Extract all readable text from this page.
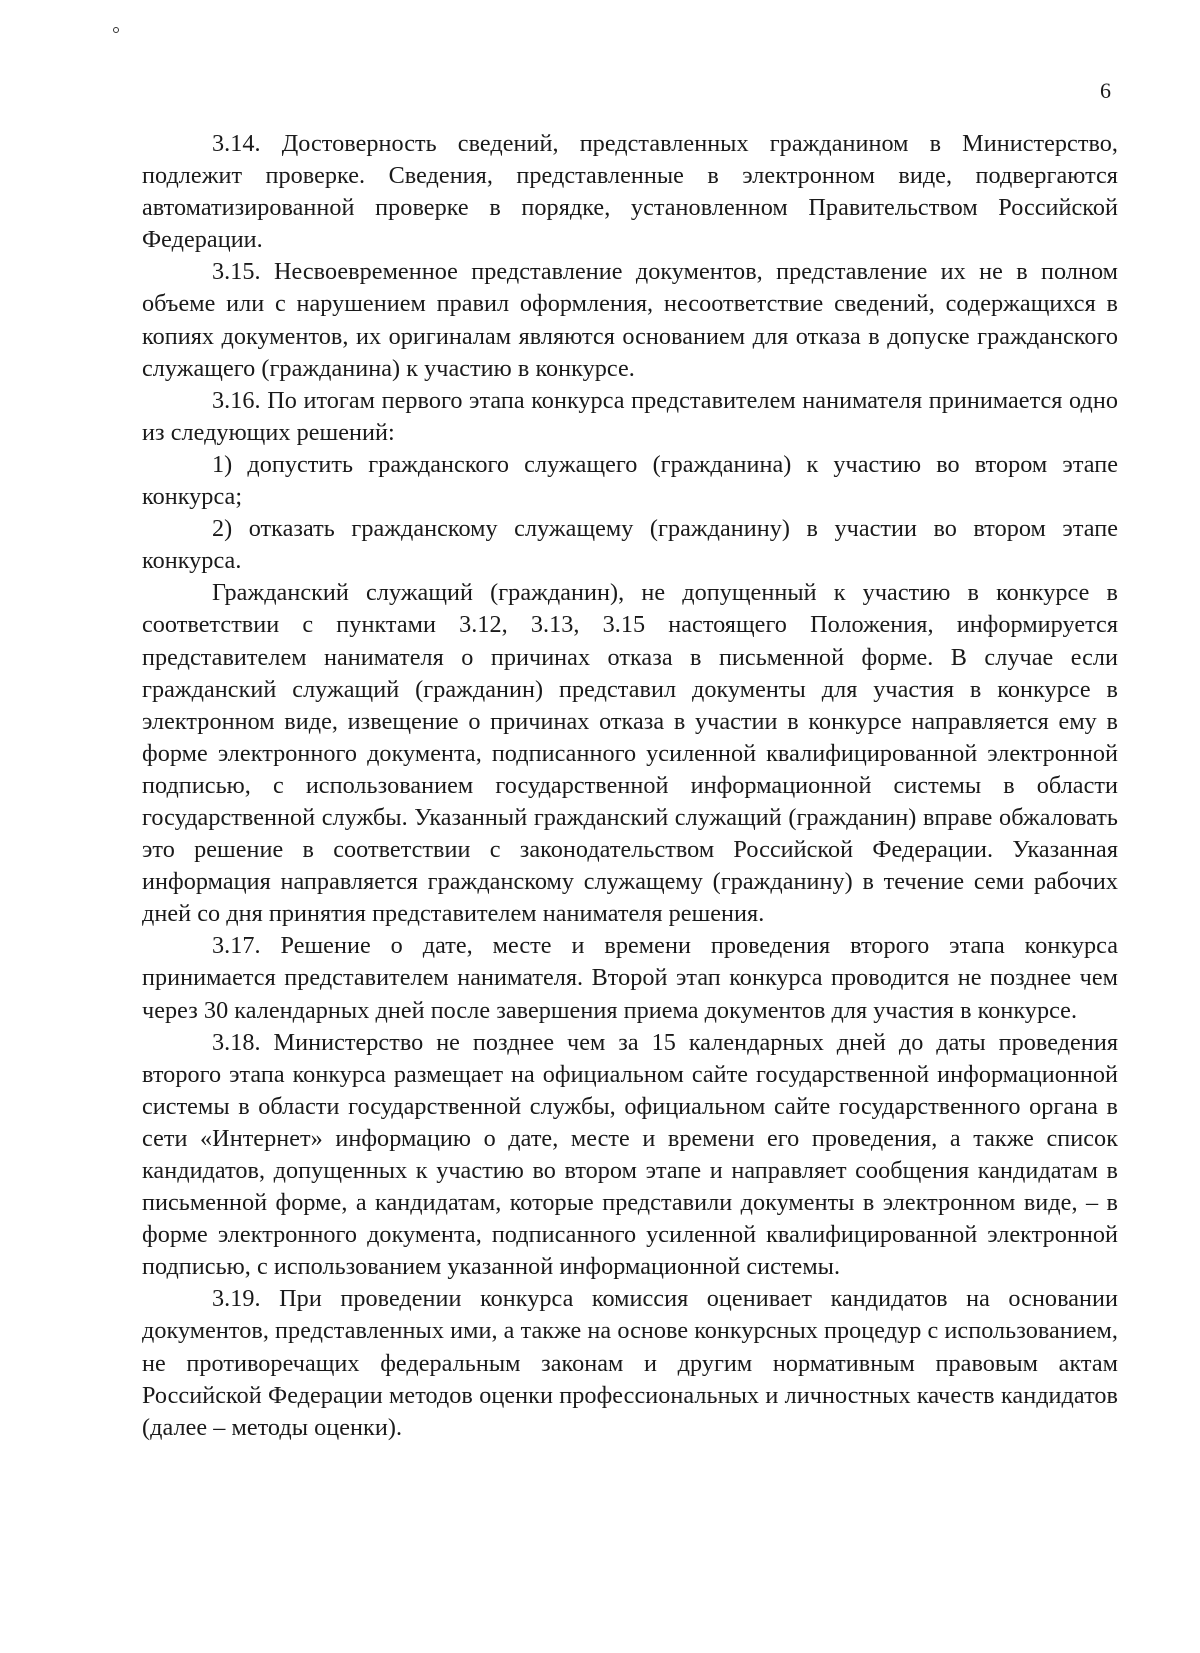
6

3.14. Достоверность сведений, представленных гражданином в Министерство, подлежит проверке. Сведения, представленные в электронном виде, подвергаются автоматизированной проверке в порядке, установленном Правительством Российской Федерации.

3.15. Несвоевременное представление документов, представление их не в полном объеме или с нарушением правил оформления, несоответствие сведений, содержащихся в копиях документов, их оригиналам являются основанием для отказа в допуске гражданского служащего (гражданина) к участию в конкурсе.

3.16. По итогам первого этапа конкурса представителем нанимателя принимается одно из следующих решений:

1) допустить гражданского служащего (гражданина) к участию во втором этапе конкурса;

2) отказать гражданскому служащему (гражданину) в участии во втором этапе конкурса.

Гражданский служащий (гражданин), не допущенный к участию в конкурсе в соответствии с пунктами 3.12, 3.13, 3.15 настоящего Положения, информируется представителем нанимателя о причинах отказа в письменной форме. В случае если гражданский служащий (гражданин) представил документы для участия в конкурсе в электронном виде, извещение о причинах отказа в участии в конкурсе направляется ему в форме электронного документа, подписанного усиленной квалифицированной электронной подписью, с использованием государственной информационной системы в области государственной службы. Указанный гражданский служащий (гражданин) вправе обжаловать это решение в соответствии с законодательством Российской Федерации. Указанная информация направляется гражданскому служащему (гражданину) в течение семи рабочих дней со дня принятия представителем нанимателя решения.

3.17. Решение о дате, месте и времени проведения второго этапа конкурса принимается представителем нанимателя. Второй этап конкурса проводится не позднее чем через 30 календарных дней после завершения приема документов для участия в конкурсе.

3.18. Министерство не позднее чем за 15 календарных дней до даты проведения второго этапа конкурса размещает на официальном сайте государственной информационной системы в области государственной службы, официальном сайте государственного органа в сети «Интернет» информацию о дате, месте и времени его проведения, а также список кандидатов, допущенных к участию во втором этапе и направляет сообщения кандидатам в письменной форме, а кандидатам, которые представили документы в электронном виде, – в форме электронного документа, подписанного усиленной квалифицированной электронной подписью, с использованием указанной информационной системы.

3.19. При проведении конкурса комиссия оценивает кандидатов на основании документов, представленных ими, а также на основе конкурсных процедур с использованием, не противоречащих федеральным законам и другим нормативным правовым актам Российской Федерации методов оценки профессиональных и личностных качеств кандидатов (далее – методы оценки).
